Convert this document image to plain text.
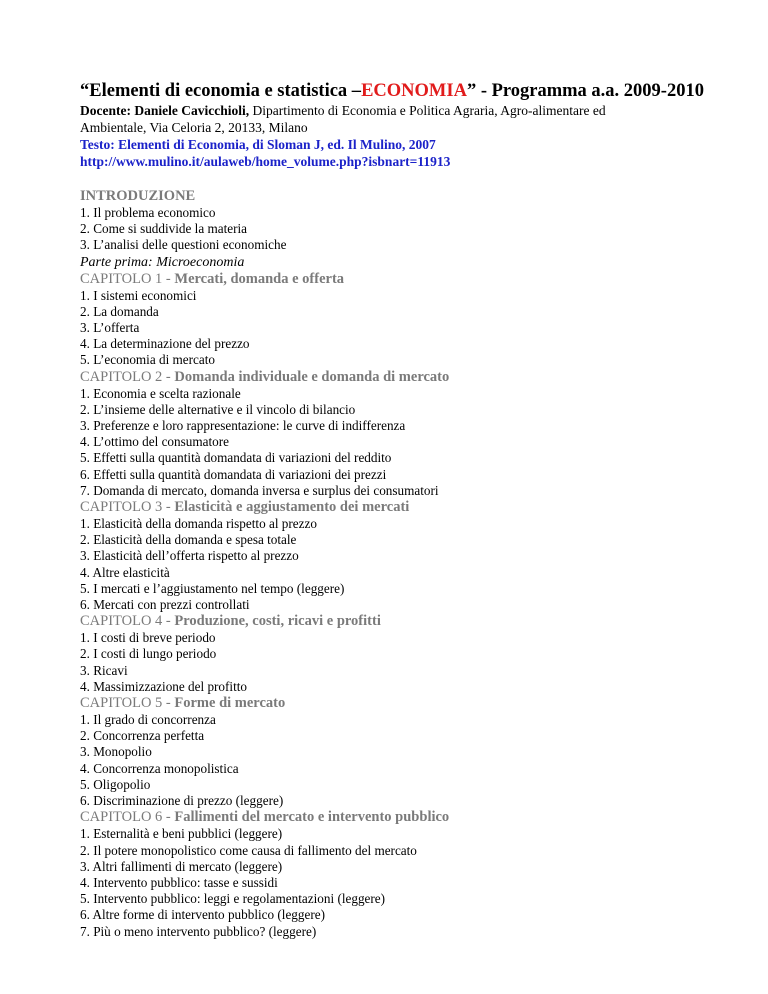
“Elementi di economia e statistica –ECONOMIA” - Programma a.a. 2009-2010
Docente: Daniele Cavicchioli, Dipartimento di Economia e Politica Agraria, Agro-alimentare ed
Ambientale, Via Celoria 2, 20133, Milano
Testo: Elementi di Economia, di Sloman J, ed. Il Mulino, 2007
http://www.mulino.it/aulaweb/home_volume.php?isbnart=11913
INTRODUZIONE
1. Il problema economico
2. Come si suddivide la materia
3. L’analisi delle questioni economiche
Parte prima: Microeconomia
CAPITOLO 1 - Mercati, domanda e offerta
1. I sistemi economici
2. La domanda
3. L’offerta
4. La determinazione del prezzo
5. L’economia di mercato
CAPITOLO 2 - Domanda individuale e domanda di mercato
1. Economia e scelta razionale
2. L’insieme delle alternative e il vincolo di bilancio
3. Preferenze e loro rappresentazione: le curve di indifferenza
4. L’ottimo del consumatore
5. Effetti sulla quantità domandata di variazioni del reddito
6. Effetti sulla quantità domandata di variazioni dei prezzi
7. Domanda di mercato, domanda inversa e surplus dei consumatori
CAPITOLO 3 - Elasticità e aggiustamento dei mercati
1. Elasticità della domanda rispetto al prezzo
2. Elasticità della domanda e spesa totale
3. Elasticità dell’offerta rispetto al prezzo
4. Altre elasticità
5. I mercati e l’aggiustamento nel tempo (leggere)
6. Mercati con prezzi controllati
CAPITOLO 4 - Produzione, costi, ricavi e profitti
1. I costi di breve periodo
2. I costi di lungo periodo
3. Ricavi
4. Massimizzazione del profitto
CAPITOLO 5 - Forme di mercato
1. Il grado di concorrenza
2. Concorrenza perfetta
3. Monopolio
4. Concorrenza monopolistica
5. Oligopolio
6. Discriminazione di prezzo (leggere)
CAPITOLO 6 - Fallimenti del mercato e intervento pubblico
1. Esternalità e beni pubblici (leggere)
2. Il potere monopolistico come causa di fallimento del mercato
3. Altri fallimenti di mercato (leggere)
4. Intervento pubblico: tasse e sussidi
5. Intervento pubblico: leggi e regolamentazioni (leggere)
6. Altre forme di intervento pubblico (leggere)
7. Più o meno intervento pubblico? (leggere)
